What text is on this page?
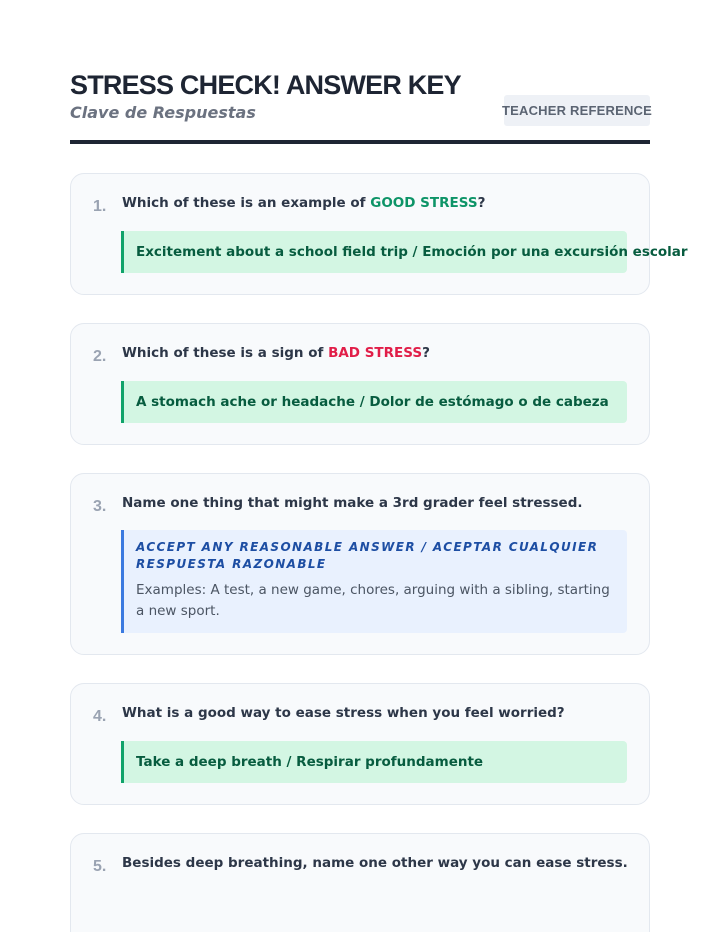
STRESS CHECK! ANSWER KEY
Clave de Respuestas	TEACHER REFERENCE
1. Which of these is an example of GOOD STRESS?
Excitement about a school field trip / Emoción por una excursión escolar
2. Which of these is a sign of BAD STRESS?
A stomach ache or headache / Dolor de estómago o de cabeza
3. Name one thing that might make a 3rd grader feel stressed.
ACCEPT ANY REASONABLE ANSWER / ACEPTAR CUALQUIER RESPUESTA RAZONABLE
Examples: A test, a new game, chores, arguing with a sibling, starting a new sport.
4. What is a good way to ease stress when you feel worried?
Take a deep breath / Respirar profundamente
5. Besides deep breathing, name one other way you can ease stress.
